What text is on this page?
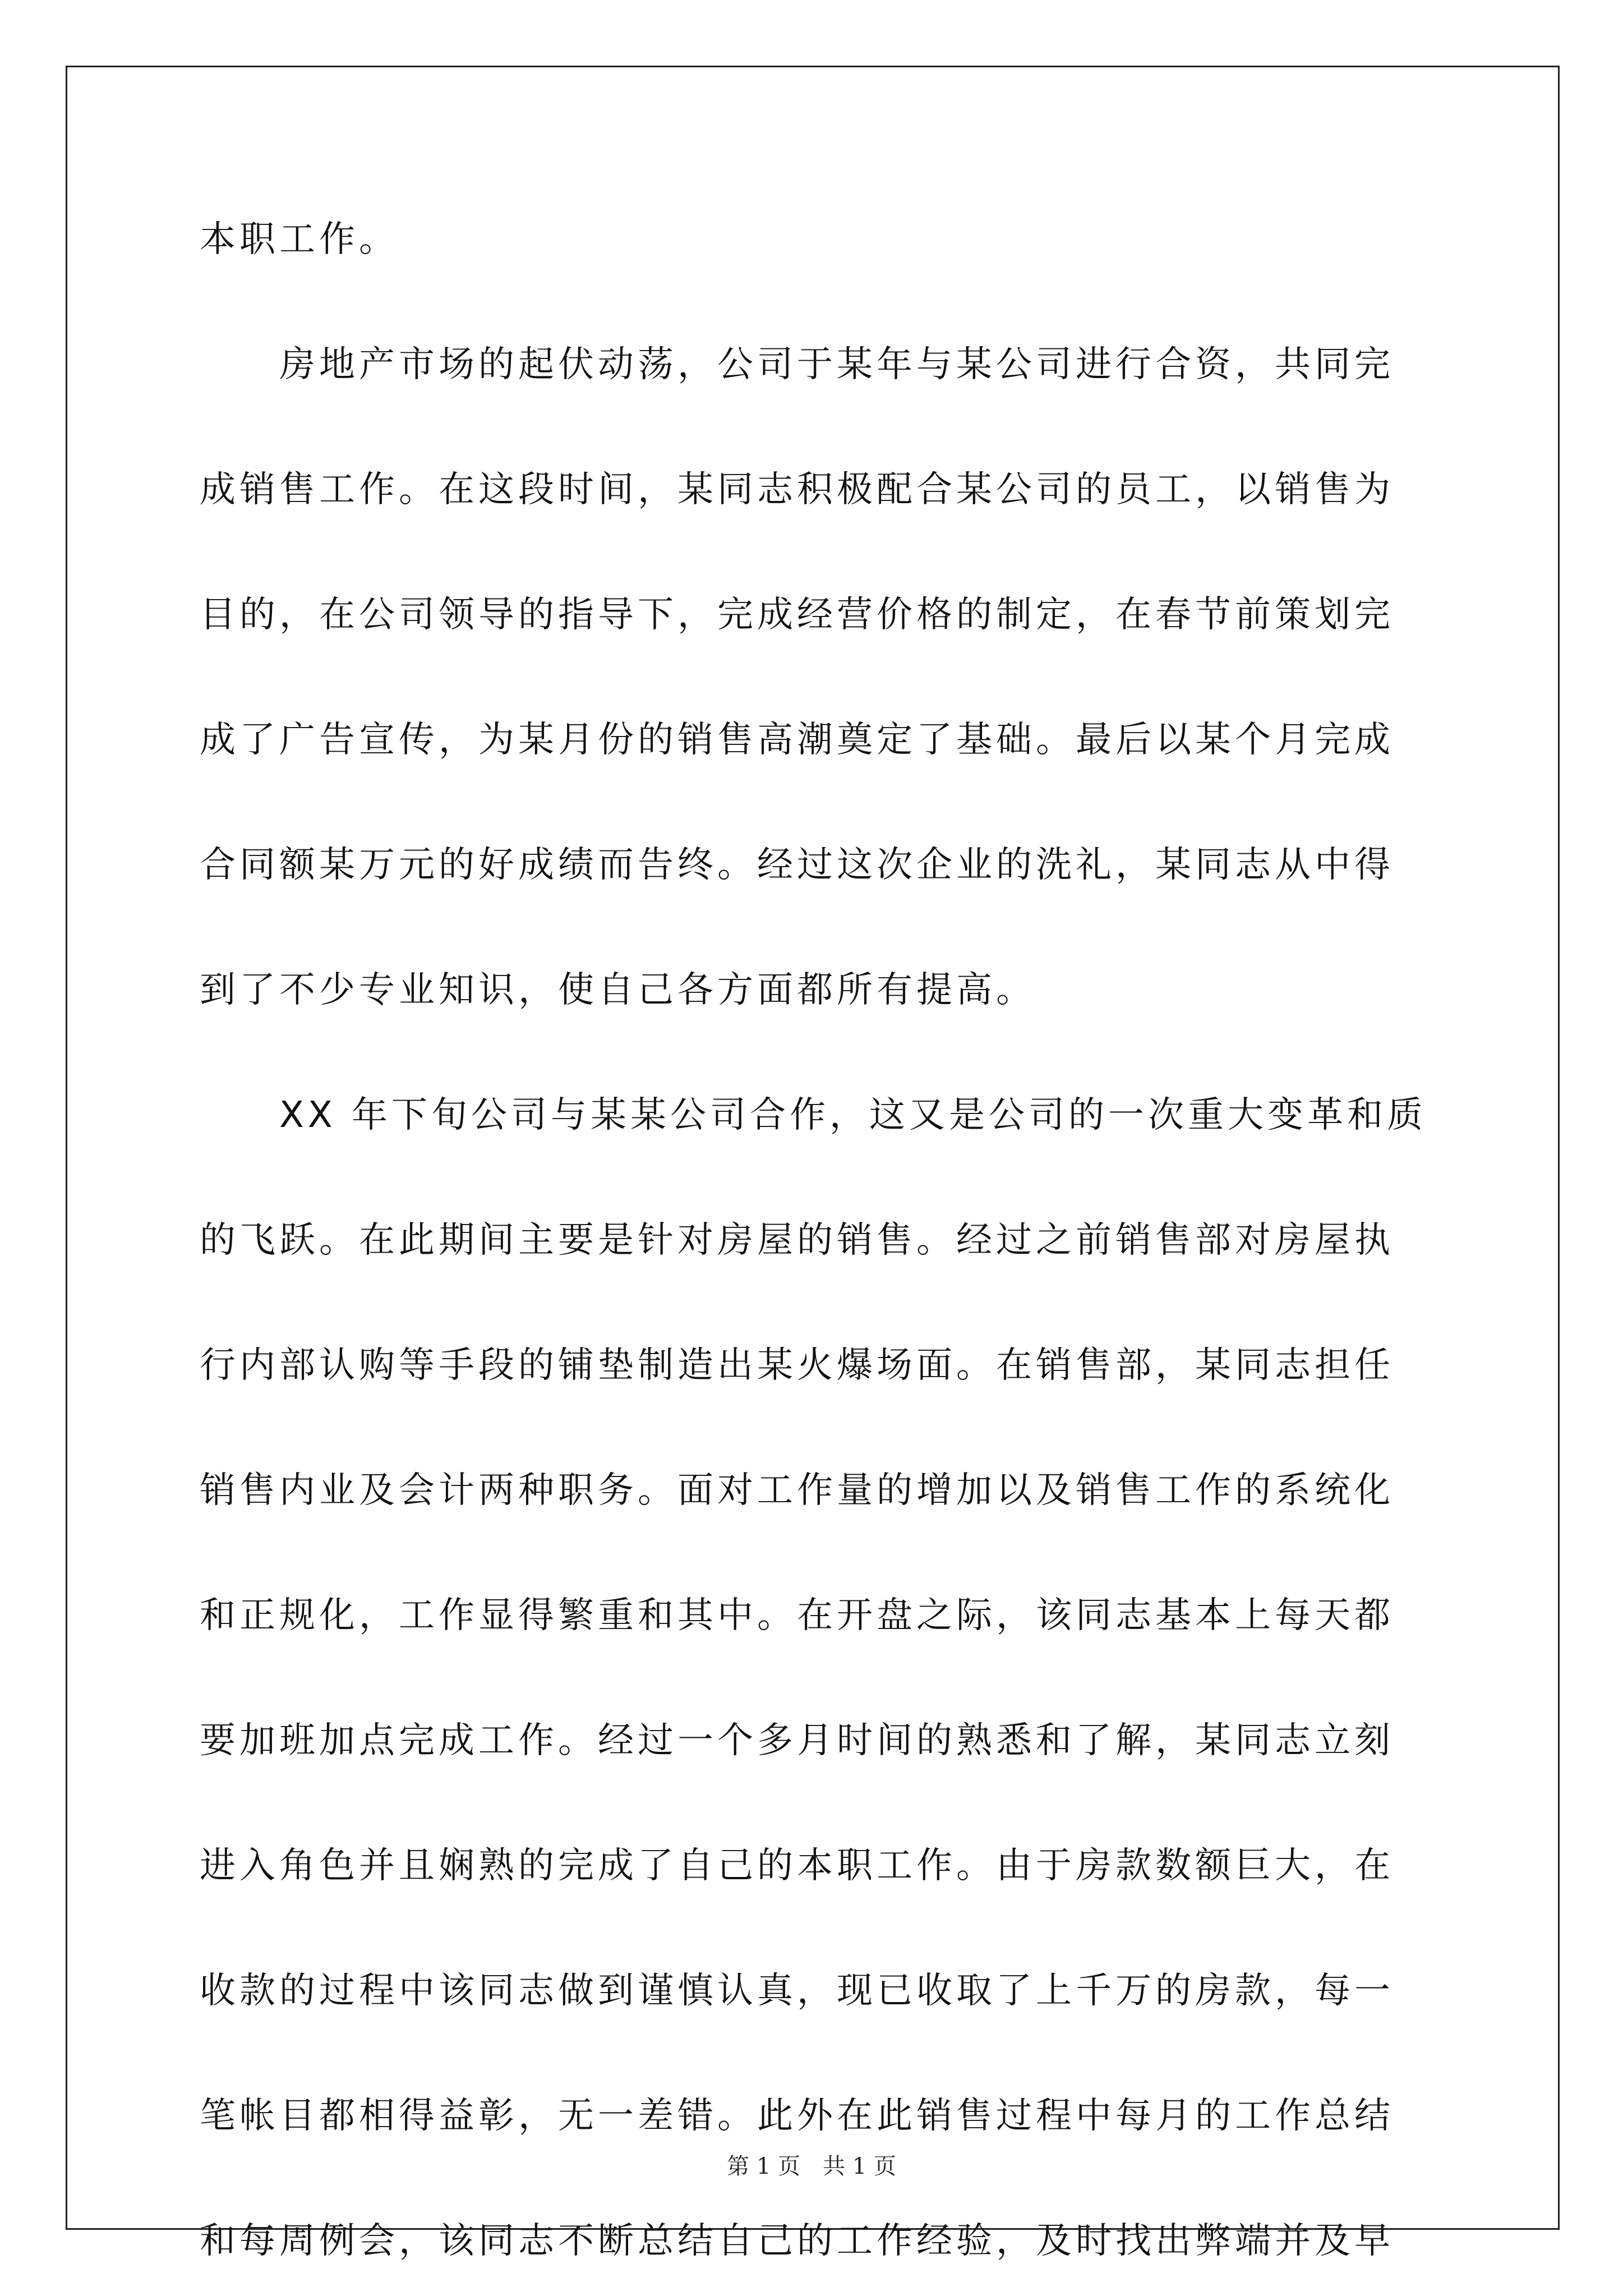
本职工作。
　　房地产市场的起伏动荡，公司于某年与某公司进行合资，共同完
成销售工作。在这段时间，某同志积极配合某公司的员工，以销售为
目的，在公司领导的指导下，完成经营价格的制定，在春节前策划完
成了广告宣传，为某月份的销售高潮奠定了基础。最后以某个月完成
合同额某万元的好成绩而告终。经过这次企业的洗礼，某同志从中得
到了不少专业知识，使自己各方面都所有提高。
　　XX 年下旬公司与某某公司合作，这又是公司的一次重大变革和质
的飞跃。在此期间主要是针对房屋的销售。经过之前销售部对房屋执
行内部认购等手段的铺垫制造出某火爆场面。在销售部，某同志担任
销售内业及会计两种职务。面对工作量的增加以及销售工作的系统化
和正规化，工作显得繁重和其中。在开盘之际，该同志基本上每天都
要加班加点完成工作。经过一个多月时间的熟悉和了解，某同志立刻
进入角色并且娴熟的完成了自己的本职工作。由于房款数额巨大，在
收款的过程中该同志做到谨慎认真，现已收取了上千万的房款，每一
笔帐目都相得益彰，无一差错。此外在此销售过程中每月的工作总结
和每周例会，该同志不断总结自己的工作经验，及时找出弊端并及早
第 1 页　共 1 页
